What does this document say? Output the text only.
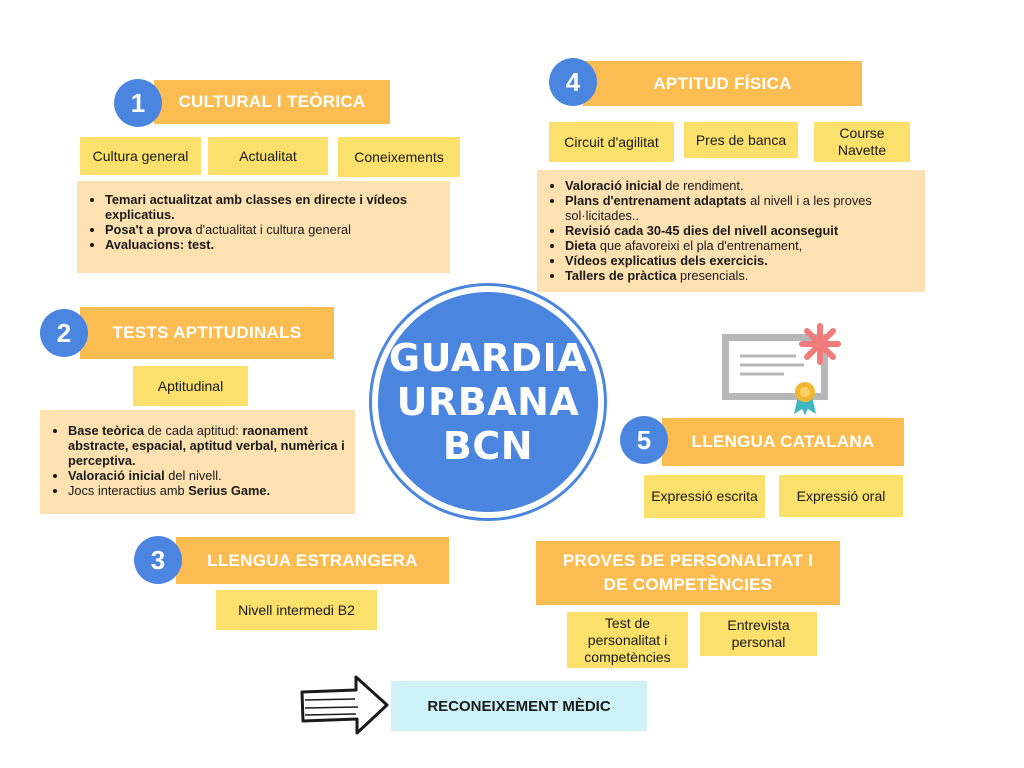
GUARDIA
URBANA BCN
CULTURAL I TEÒRICA
1
Cultura general	Actualitat	Coneixements
• Temari actualitzat amb classes en directe i vídeos explicatius.
• Posa't a prova d'actualitat i cultura general
• Avaluacions: test.
TESTS APTITUDINALS
2
Aptitudinal
• Base teòrica de cada aptitud: raonament abstracte, espacial, aptitud verbal, numèrica i perceptiva.
• Valoració inicial del nivell.
• Jocs interactius amb Serius Game.
LLENGUA ESTRANGERA
3
Nivell intermedi B2
APTITUD FÍSICA
4
Circuit d'agilitat	Pres de banca	Course Navette
• Valoració inicial de rendiment.
• Plans d'entrenament adaptats al nivell i a les proves sol·licitades..
• Revisió cada 30-45 dies del nivell aconseguit
• Dieta que afavoreixi el pla d'entrenament,
• Vídeos explicatius dels exercicis.
• Tallers de pràctica presencials.
LLENGUA CATALANA
5
Expressió escrita	Expressió oral
PROVES DE PERSONALITAT I
DE COMPETÈNCIES
Test de personalitat i competències
Entrevista personal
RECONEIXEMENT MÈDIC
